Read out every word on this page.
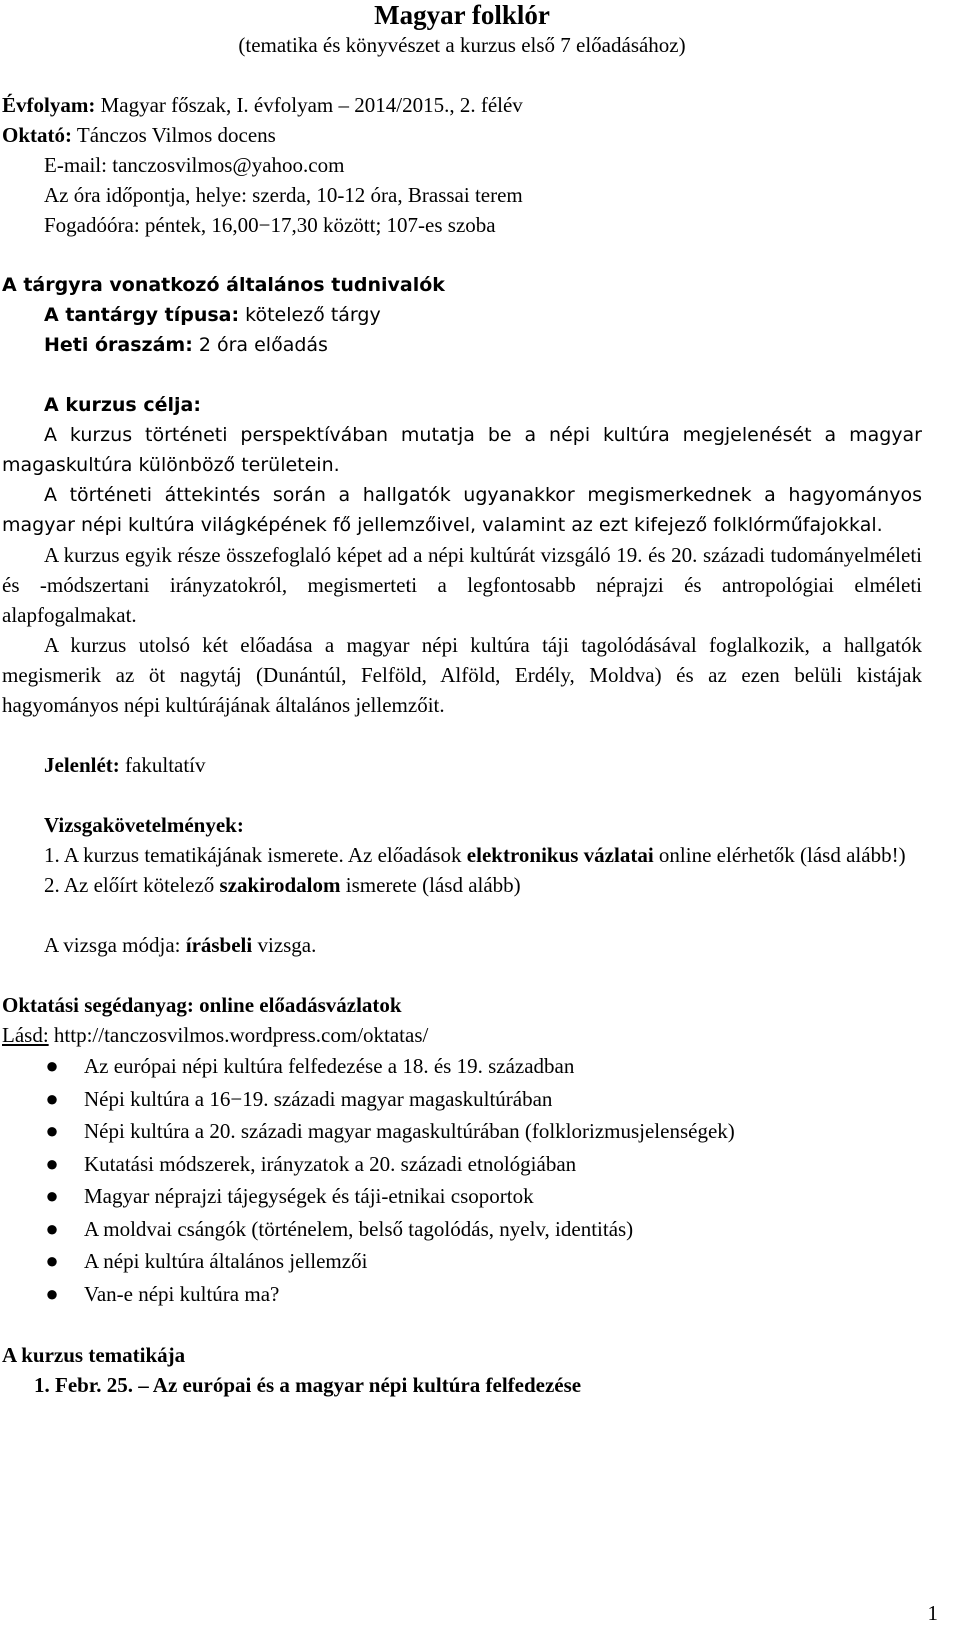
Magyar folklór
(tematika és könyvészet a kurzus első 7 előadásához)
Évfolyam: Magyar főszak, I. évfolyam – 2014/2015., 2. félév
Oktató: Tánczos Vilmos docens
E-mail: tanczosvilmos@yahoo.com
Az óra időpontja, helye: szerda, 10-12 óra, Brassai terem
Fogadóóra: péntek, 16,00−17,30 között; 107-es szoba
A tárgyra vonatkozó általános tudnivalók
A tantárgy típusa: kötelező tárgy
Heti óraszám: 2 óra előadás
A kurzus célja:
A kurzus történeti perspektívában mutatja be a népi kultúra megjelenését a magyar magaskultúra különböző területein.
A történeti áttekintés során a hallgatók ugyanakkor megismerkednek a hagyományos magyar népi kultúra világképének fő jellemzőivel, valamint az ezt kifejező folklórműfajokkal.
A kurzus egyik része összefoglaló képet ad a népi kultúrát vizsgáló 19. és 20. századi tudományelméleti és -módszertani irányzatokról, megismerteti a legfontosabb néprajzi és antropológiai elméleti alapfogalmakat.
A kurzus utolsó két előadása a magyar népi kultúra táji tagolódásával foglalkozik, a hallgatók megismerik az öt nagytáj (Dunántúl, Felföld, Alföld, Erdély, Moldva) és az ezen belüli kistájak hagyományos népi kultúrájának általános jellemzőit.
Jelenlét: fakultatív
Vizsgakövetelmények:
1. A kurzus tematikájának ismerete. Az előadások elektronikus vázlatai online elérhetők (lásd alább!)
2. Az előírt kötelező szakirodalom ismerete (lásd alább)
A vizsga módja: írásbeli vizsga.
Oktatási segédanyag: online előadásvázlatok
Lásd: http://tanczosvilmos.wordpress.com/oktatas/
● Az európai népi kultúra felfedezése a 18. és 19. században
● Népi kultúra a 16−19. századi magyar magaskultúrában
● Népi kultúra a 20. századi magyar magaskultúrában (folklorizmusjelenségek)
● Kutatási módszerek, irányzatok a 20. századi etnológiában
● Magyar néprajzi tájegységek és táji-etnikai csoportok
● A moldvai csángók (történelem, belső tagolódás, nyelv, identitás)
● A népi kultúra általános jellemzői
● Van-e népi kultúra ma?
A kurzus tematikája
1. Febr. 25. – Az európai és a magyar népi kultúra felfedezése
1
